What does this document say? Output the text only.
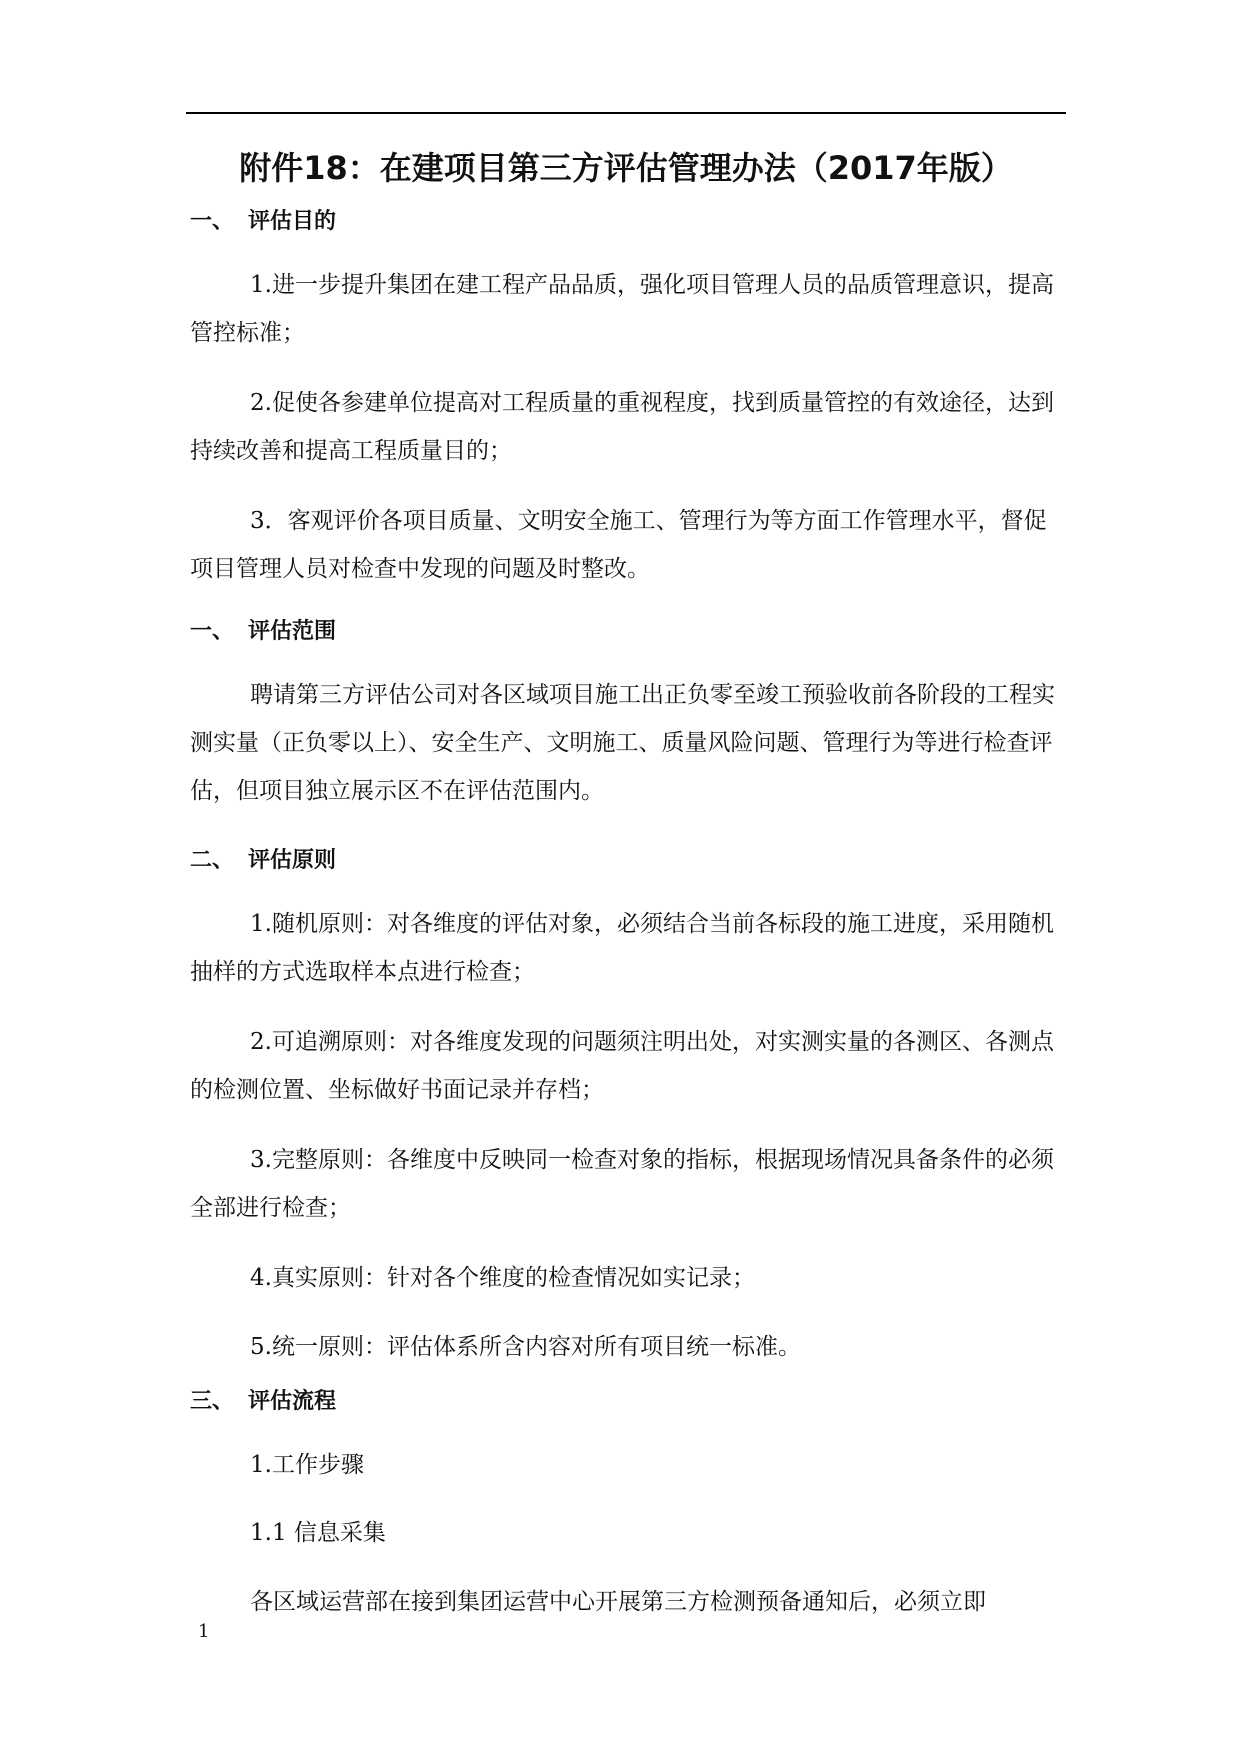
附件18：在建项目第三方评估管理办法（2017年版）
一、 评估目的

1.进一步提升集团在建工程产品品质，强化项目管理人员的品质管理意识，提高管控标准；

2.促使各参建单位提高对工程质量的重视程度，找到质量管控的有效途径，达到持续改善和提高工程质量目的；

3．客观评价各项目质量、文明安全施工、管理行为等方面工作管理水平，督促项目管理人员对检查中发现的问题及时整改。

一、 评估范围

聘请第三方评估公司对各区域项目施工出正负零至竣工预验收前各阶段的工程实测实量（正负零以上）、安全生产、文明施工、质量风险问题、管理行为等进行检查评估，但项目独立展示区不在评估范围内。

二、 评估原则

1.随机原则：对各维度的评估对象，必须结合当前各标段的施工进度，采用随机抽样的方式选取样本点进行检查；

2.可追溯原则：对各维度发现的问题须注明出处，对实测实量的各测区、各测点的检测位置、坐标做好书面记录并存档；

3.完整原则：各维度中反映同一检查对象的指标，根据现场情况具备条件的必须全部进行检查；

4.真实原则：针对各个维度的检查情况如实记录；

5.统一原则：评估体系所含内容对所有项目统一标准。

三、 评估流程

1.工作步骤

1.1 信息采集

各区域运营部在接到集团运营中心开展第三方检测预备通知后，必须立即

1
